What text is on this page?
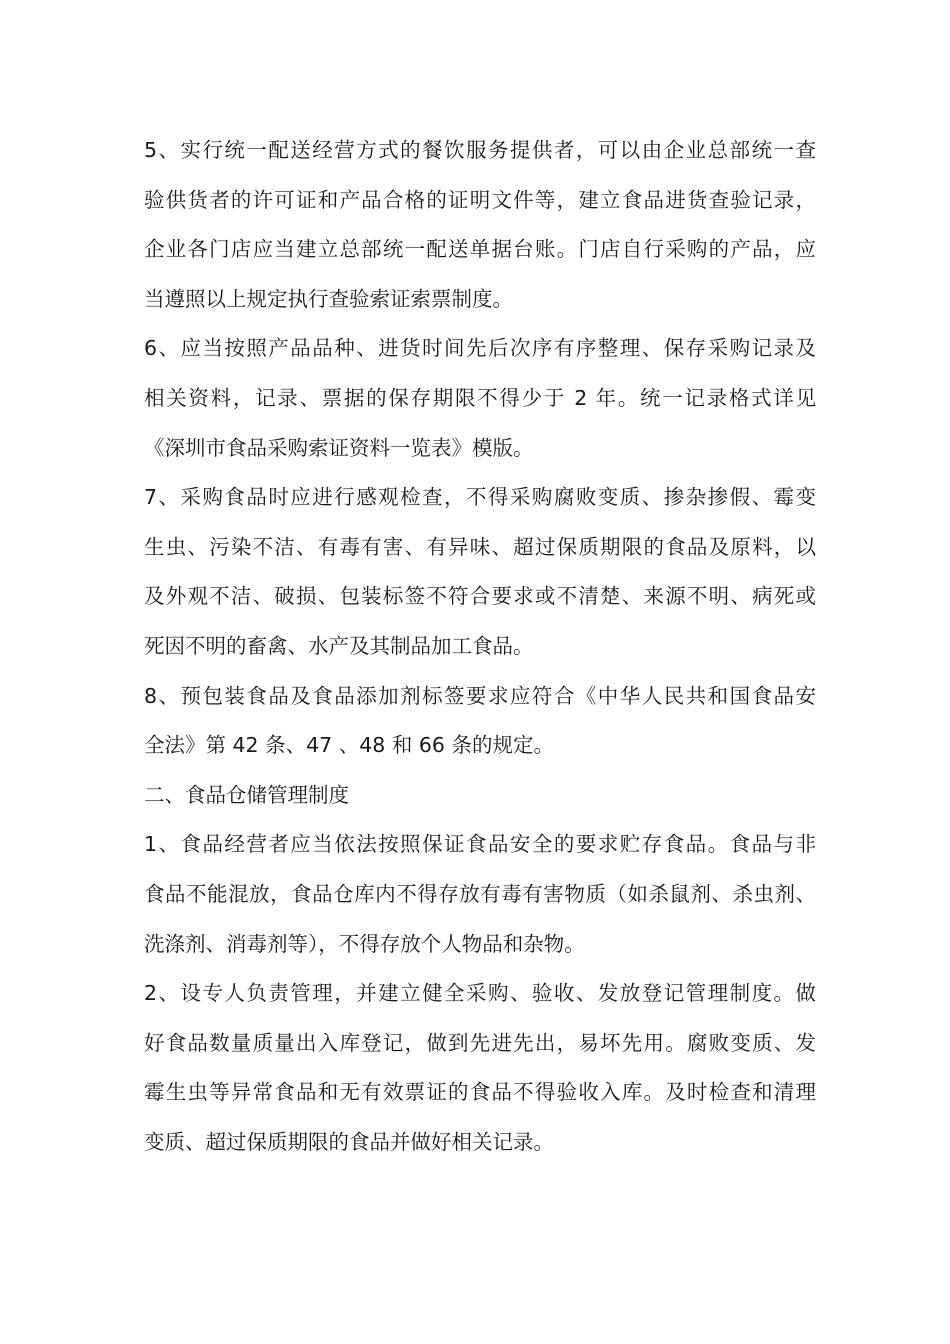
5、实行统一配送经营方式的餐饮服务提供者，可以由企业总部统一查
验供货者的许可证和产品合格的证明文件等，建立食品进货查验记录，
企业各门店应当建立总部统一配送单据台账。门店自行采购的产品，应
当遵照以上规定执行查验索证索票制度。
6、应当按照产品品种、进货时间先后次序有序整理、保存采购记录及
相关资料，记录、票据的保存期限不得少于 2 年。统一记录格式详见
《深圳市食品采购索证资料一览表》模版。
7、采购食品时应进行感观检查，不得采购腐败变质、掺杂掺假、霉变
生虫、污染不洁、有毒有害、有异味、超过保质期限的食品及原料，以
及外观不洁、破损、包装标签不符合要求或不清楚、来源不明、病死或
死因不明的畜禽、水产及其制品加工食品。
8、预包装食品及食品添加剂标签要求应符合《中华人民共和国食品安
全法》第 42 条、47 、48 和 66 条的规定。
二、食品仓储管理制度
1、食品经营者应当依法按照保证食品安全的要求贮存食品。食品与非
食品不能混放，食品仓库内不得存放有毒有害物质（如杀鼠剂、杀虫剂、
洗涤剂、消毒剂等），不得存放个人物品和杂物。
2、设专人负责管理，并建立健全采购、验收、发放登记管理制度。做
好食品数量质量出入库登记，做到先进先出，易坏先用。腐败变质、发
霉生虫等异常食品和无有效票证的食品不得验收入库。及时检查和清理
变质、超过保质期限的食品并做好相关记录。
